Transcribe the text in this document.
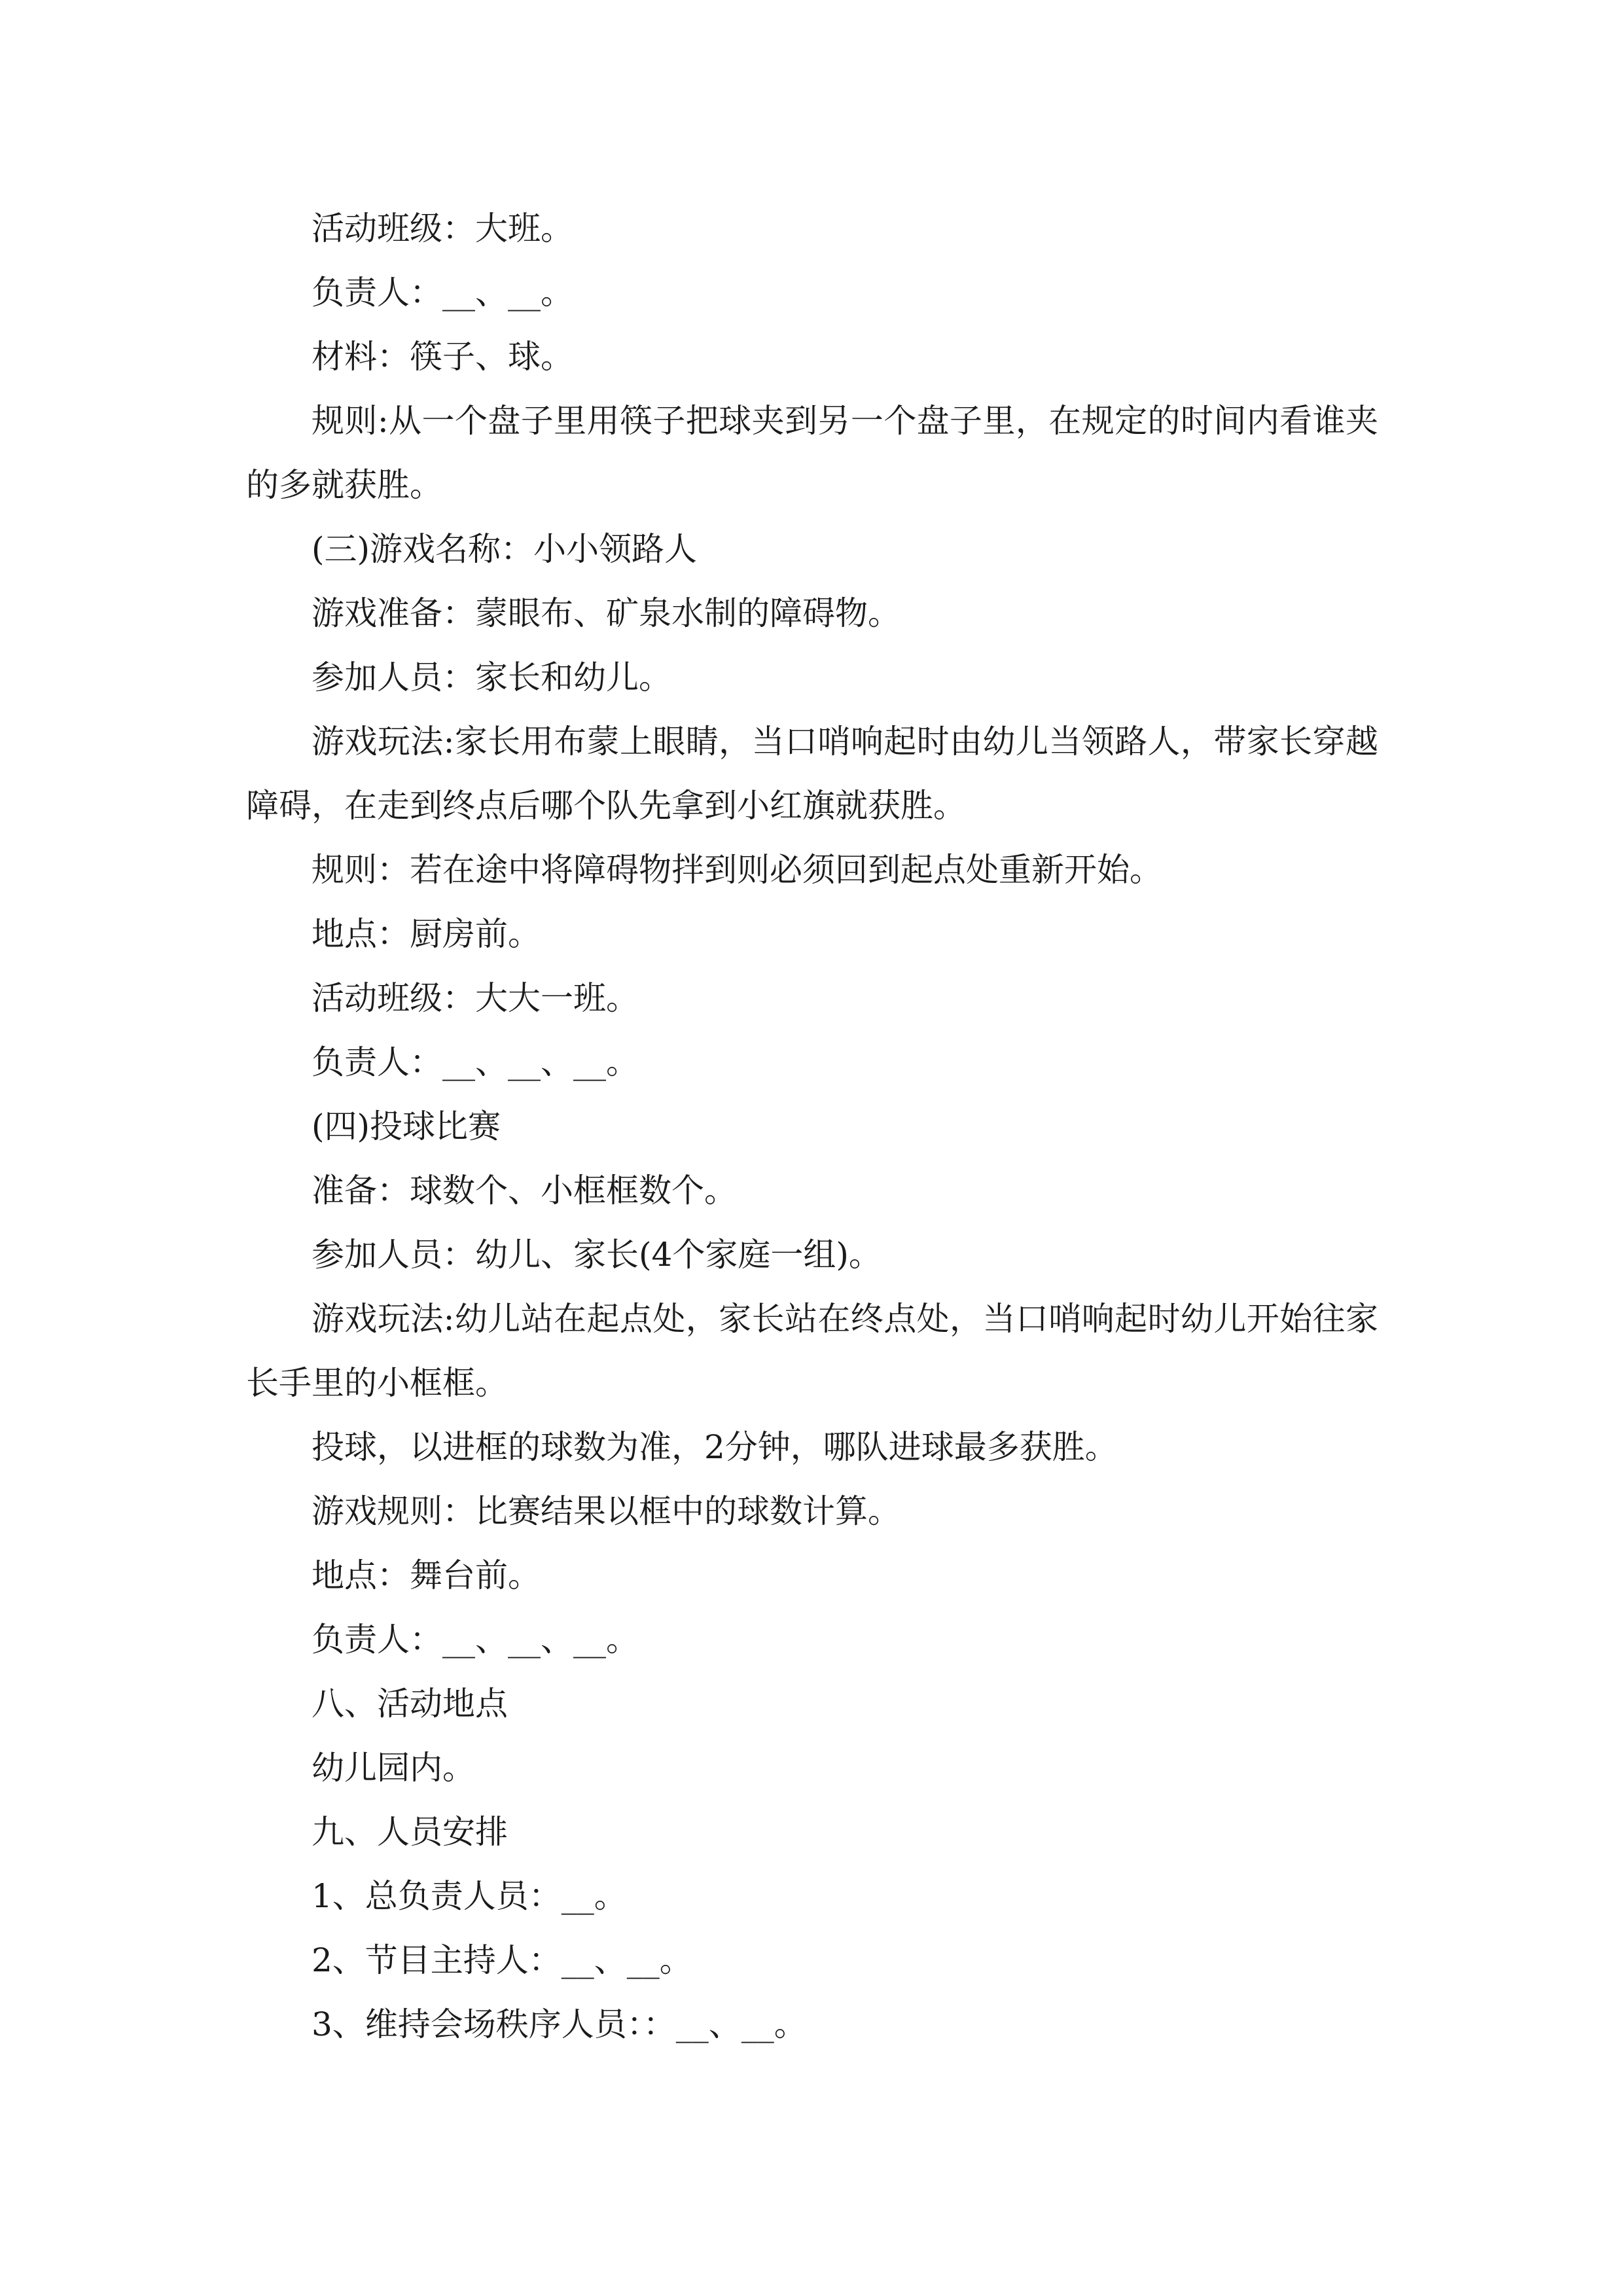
活动班级：大班。

负责人：__、__。

材料：筷子、球。

规则:从一个盘子里用筷子把球夹到另一个盘子里，在规定的时间内看谁夹

的多就获胜。

(三)游戏名称：小小领路人

游戏准备：蒙眼布、矿泉水制的障碍物。

参加人员：家长和幼儿。

游戏玩法:家长用布蒙上眼睛，当口哨响起时由幼儿当领路人，带家长穿越

障碍，在走到终点后哪个队先拿到小红旗就获胜。

规则：若在途中将障碍物拌到则必须回到起点处重新开始。

地点：厨房前。

活动班级：大大一班。

负责人：__、__、__。

(四)投球比赛

准备：球数个、小框框数个。

参加人员：幼儿、家长(4个家庭一组)。

游戏玩法:幼儿站在起点处，家长站在终点处，当口哨响起时幼儿开始往家

长手里的小框框。

投球，以进框的球数为准，2分钟，哪队进球最多获胜。

游戏规则：比赛结果以框中的球数计算。

地点：舞台前。

负责人：__、__、__。

八、活动地点

幼儿园内。

九、人员安排

1、总负责人员：__。

2、节目主持人：__、__。

3、维持会场秩序人员：：__、__。
